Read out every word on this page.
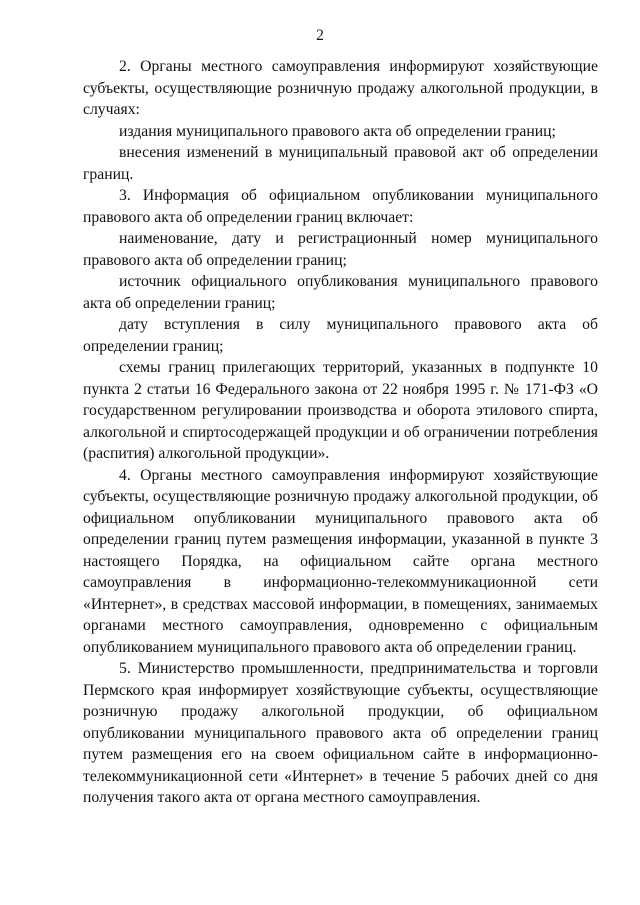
2

2. Органы местного самоуправления информируют хозяйствующие субъекты, осуществляющие розничную продажу алкогольной продукции, в случаях:

издания муниципального правового акта об определении границ;

внесения изменений в муниципальный правовой акт об определении границ.

3. Информация об официальном опубликовании муниципального правового акта об определении границ включает:

наименование, дату и регистрационный номер муниципального правового акта об определении границ;

источник официального опубликования муниципального правового акта об определении границ;

дату вступления в силу муниципального правового акта об определении границ;

схемы границ прилегающих территорий, указанных в подпункте 10 пункта 2 статьи 16 Федерального закона от 22 ноября 1995 г. № 171-ФЗ «О государственном регулировании производства и оборота этилового спирта, алкогольной и спиртосодержащей продукции и об ограничении потребления (распития) алкогольной продукции».

4. Органы местного самоуправления информируют хозяйствующие субъекты, осуществляющие розничную продажу алкогольной продукции, об официальном опубликовании муниципального правового акта об определении границ путем размещения информации, указанной в пункте 3 настоящего Порядка, на официальном сайте органа местного самоуправления в информационно-телекоммуникационной сети «Интернет», в средствах массовой информации, в помещениях, занимаемых органами местного самоуправления, одновременно с официальным опубликованием муниципального правового акта об определении границ.

5. Министерство промышленности, предпринимательства и торговли Пермского края информирует хозяйствующие субъекты, осуществляющие розничную продажу алкогольной продукции, об официальном опубликовании муниципального правового акта об определении границ путем размещения его на своем официальном сайте в информационно-телекоммуникационной сети «Интернет» в течение 5 рабочих дней со дня получения такого акта от органа местного самоуправления.
